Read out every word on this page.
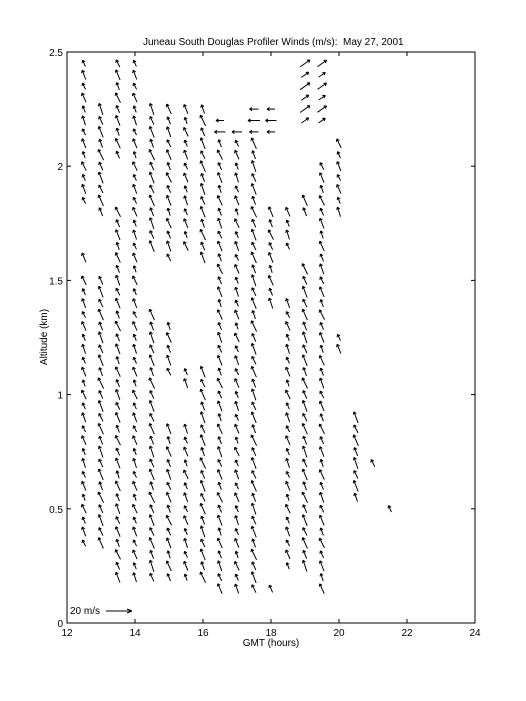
Juneau South Douglas Profiler Winds (m/s): May 27, 2001
12	14	16	18	20	22	24
0
0.5
1
1.5
2
2.5
GMT (hours)
Altitude (km)
20 m/s
